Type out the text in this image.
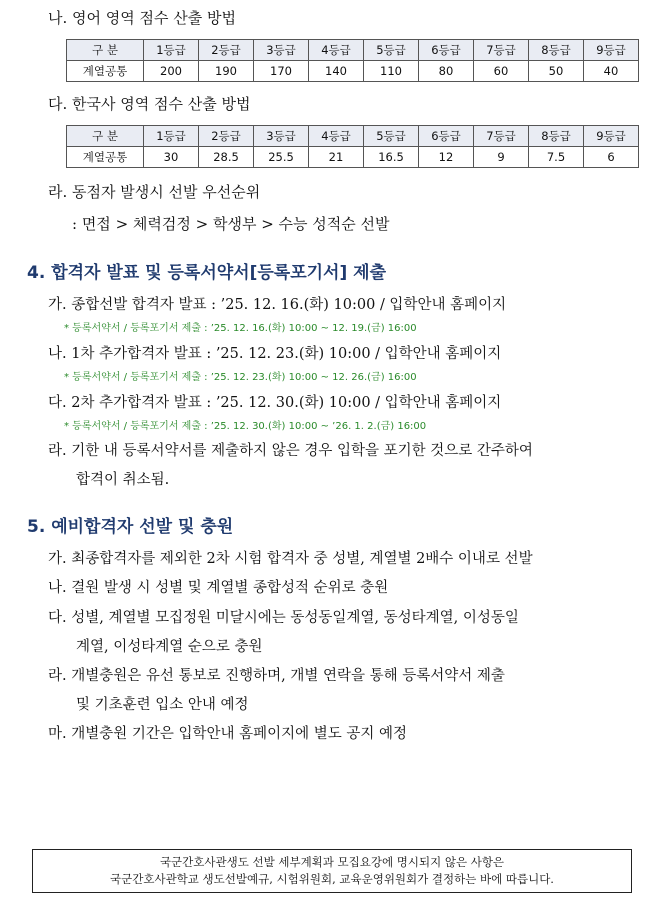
나. 영어 영역 점수 산출 방법
구 분	1등급	2등급	3등급	4등급	5등급	6등급	7등급	8등급	9등급
계열공통	200	190	170	140	110	80	60	50	40
다. 한국사 영역 점수 산출 방법
구 분	1등급	2등급	3등급	4등급	5등급	6등급	7등급	8등급	9등급
계열공통	30	28.5	25.5	21	16.5	12	9	7.5	6
라. 동점자 발생시 선발 우선순위
: 면접 > 체력검정 > 학생부 > 수능 성적순 선발
4. 합격자 발표 및 등록서약서[등록포기서] 제출
가. 종합선발 합격자 발표 : ’25. 12. 16.(화) 10:00 / 입학안내 홈페이지
* 등록서약서 / 등록포기서 제출 : ’25. 12. 16.(화) 10:00 ~ 12. 19.(금) 16:00
나. 1차 추가합격자 발표 : ’25. 12. 23.(화) 10:00 / 입학안내 홈페이지
* 등록서약서 / 등록포기서 제출 : ’25. 12. 23.(화) 10:00 ~ 12. 26.(금) 16:00
다. 2차 추가합격자 발표 : ’25. 12. 30.(화) 10:00 / 입학안내 홈페이지
* 등록서약서 / 등록포기서 제출 : ’25. 12. 30.(화) 10:00 ~ ’26. 1. 2.(금) 16:00
라. 기한 내 등록서약서를 제출하지 않은 경우 입학을 포기한 것으로 간주하여
합격이 취소됨.
5. 예비합격자 선발 및 충원
가. 최종합격자를 제외한 2차 시험 합격자 중 성별, 계열별 2배수 이내로 선발
나. 결원 발생 시 성별 및 계열별 종합성적 순위로 충원
다. 성별, 계열별 모집정원 미달시에는 동성동일계열, 동성타계열, 이성동일
계열, 이성타계열 순으로 충원
라. 개별충원은 유선 통보로 진행하며, 개별 연락을 통해 등록서약서 제출
및 기초훈련 입소 안내 예정
마. 개별충원 기간은 입학안내 홈페이지에 별도 공지 예정
국군간호사관생도 선발 세부계획과 모집요강에 명시되지 않은 사항은
국군간호사관학교 생도선발예규, 시험위원회, 교육운영위원회가 결정하는 바에 따릅니다.
